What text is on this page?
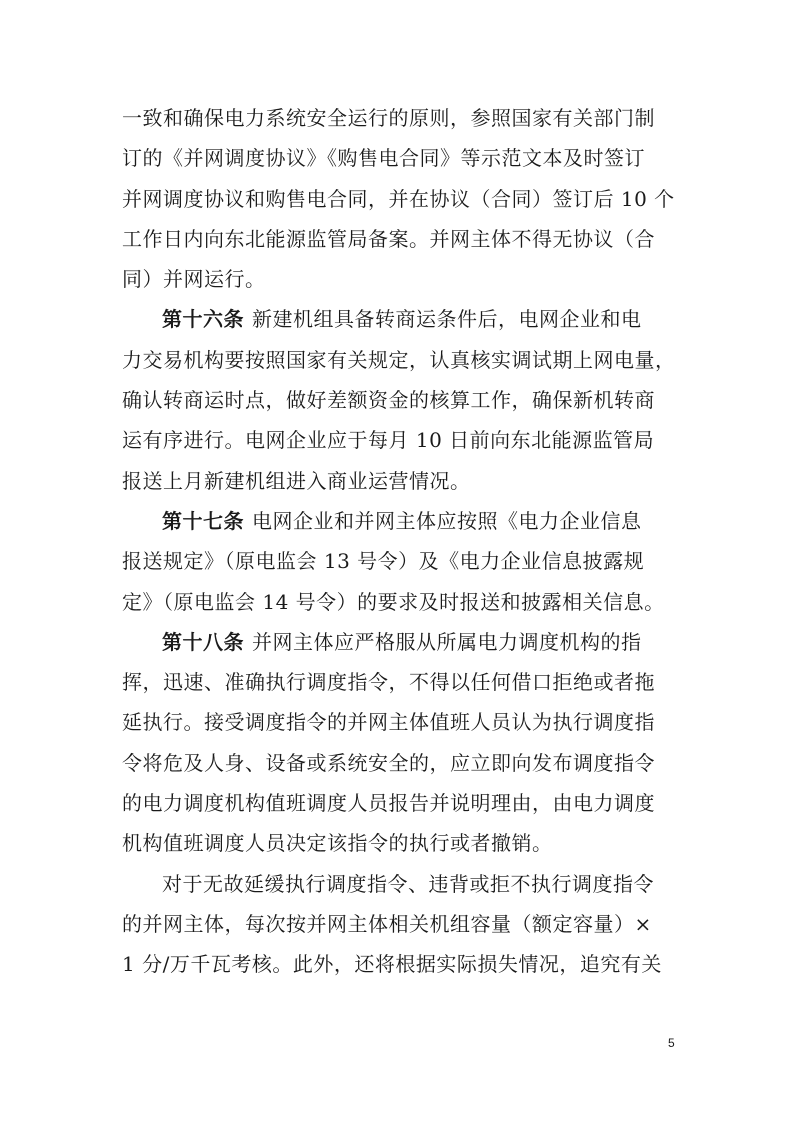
一致和确保电力系统安全运行的原则，参照国家有关部门制
订的《并网调度协议》《购售电合同》等示范文本及时签订
并网调度协议和购售电合同，并在协议（合同）签订后 10 个
工作日内向东北能源监管局备案。并网主体不得无协议（合
同）并网运行。
第十六条 新建机组具备转商运条件后，电网企业和电
力交易机构要按照国家有关规定，认真核实调试期上网电量，
确认转商运时点，做好差额资金的核算工作，确保新机转商
运有序进行。电网企业应于每月 10 日前向东北能源监管局
报送上月新建机组进入商业运营情况。
第十七条 电网企业和并网主体应按照《电力企业信息
报送规定》（原电监会 13 号令）及《电力企业信息披露规
定》（原电监会 14 号令）的要求及时报送和披露相关信息。
第十八条 并网主体应严格服从所属电力调度机构的指
挥，迅速、准确执行调度指令，不得以任何借口拒绝或者拖
延执行。接受调度指令的并网主体值班人员认为执行调度指
令将危及人身、设备或系统安全的，应立即向发布调度指令
的电力调度机构值班调度人员报告并说明理由，由电力调度
机构值班调度人员决定该指令的执行或者撤销。
对于无故延缓执行调度指令、违背或拒不执行调度指令
的并网主体，每次按并网主体相关机组容量（额定容量）×
1 分/万千瓦考核。此外，还将根据实际损失情况，追究有关
5
